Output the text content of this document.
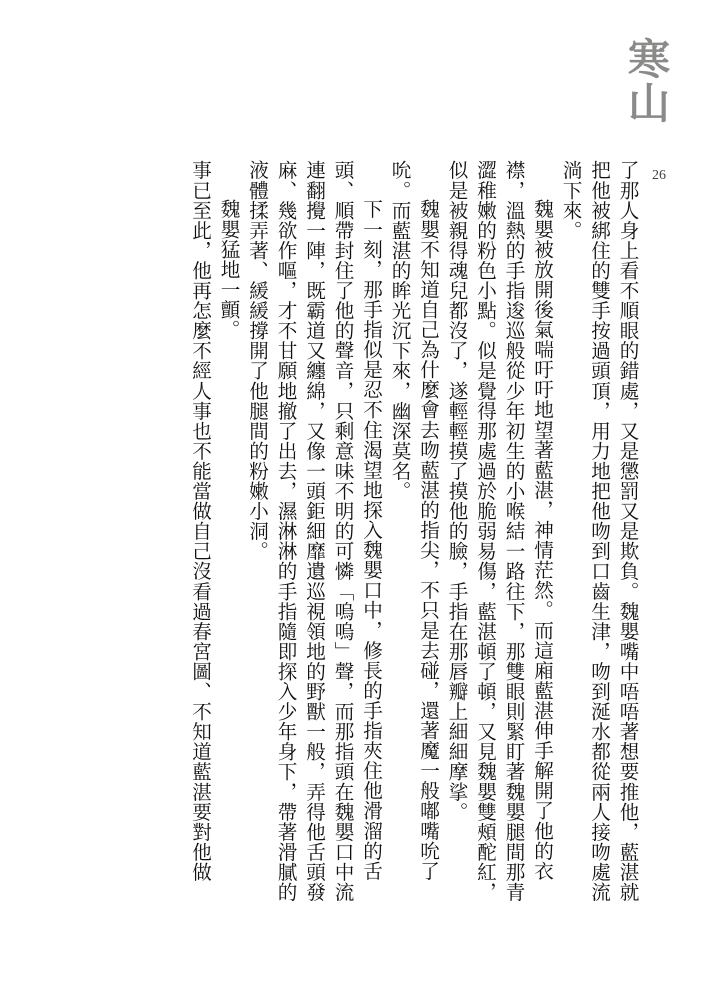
寒山
26

了那人身上看不順眼的錯處，又是懲罰又是欺負。魏嬰嘴中唔唔著想要推他，藍湛就把他被綁住的雙手按過頭頂，用力地把他吻到口齒生津，吻到涎水都從兩人接吻處流淌下來。

魏嬰被放開後氣喘吁吁地望著藍湛，神情茫然。而這廂藍湛伸手解開了他的衣襟，溫熱的手指逡巡般從少年初生的小喉結一路往下，那雙眼則緊盯著魏嬰腿間那青澀稚嫩的粉色小點。似是覺得那處過於脆弱易傷，藍湛頓了頓，又見魏嬰雙頰酡紅，似是被親得魂兒都沒了，遂輕輕摸了摸他的臉，手指在那唇瓣上細細摩挲。

魏嬰不知道自己為什麼會去吻藍湛的指尖，不只是去碰，還著魔一般嘟嘴吮了吮。而藍湛的眸光沉下來，幽深莫名。

下一刻，那手指似是忍不住渴望地探入魏嬰口中，修長的手指夾住他滑溜的舌頭、順帶封住了他的聲音，只剩意味不明的可憐「嗚嗚」聲，而那指頭在魏嬰口中流連翻攪一陣，既霸道又纏綿，又像一頭鉅細靡遺巡視領地的野獸一般，弄得他舌頭發麻、幾欲作嘔，才不甘願地撤了出去，濕淋淋的手指隨即探入少年身下，帶著滑膩的液體揉弄著、緩緩撐開了他腿間的粉嫩小洞。

魏嬰猛地一顫。

事已至此，他再怎麼不經人事也不能當做自己沒看過春宮圖、不知道藍湛要對他做
